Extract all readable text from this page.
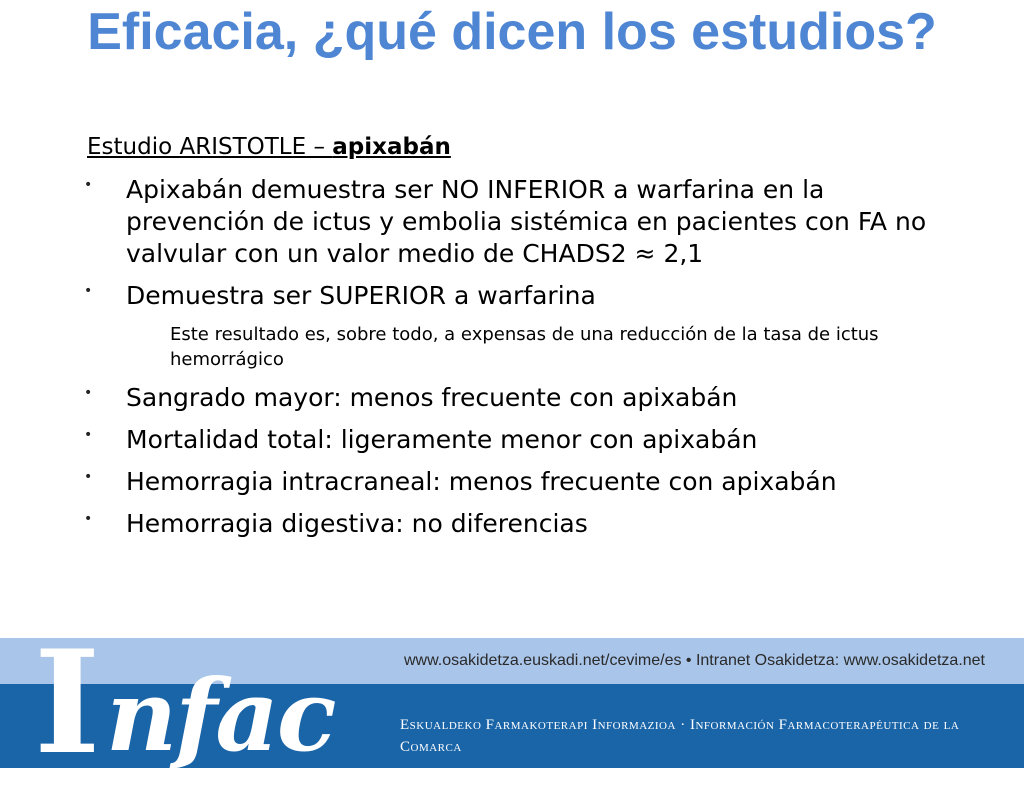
Eficacia, ¿qué dicen los estudios?
Estudio ARISTOTLE – apixabán
• Apixabán demuestra ser NO INFERIOR a warfarina en la prevención de ictus y embolia sistémica en pacientes con FA no valvular con un valor medio de CHADS2 ≈ 2,1
• Demuestra ser SUPERIOR a warfarina
Este resultado es, sobre todo, a expensas de una reducción de la tasa de ictus hemorrágico
• Sangrado mayor: menos frecuente con apixabán
• Mortalidad total: ligeramente menor con apixabán
• Hemorragia intracraneal: menos frecuente con apixabán
• Hemorragia digestiva: no diferencias
I nfac	www.osakidetza.euskadi.net/cevime/es • Intranet Osakidetza: www.osakidetza.net
Eskualdeko Farmakoterapi Informazioa · Información Farmacoterapéutica de la Comarca
